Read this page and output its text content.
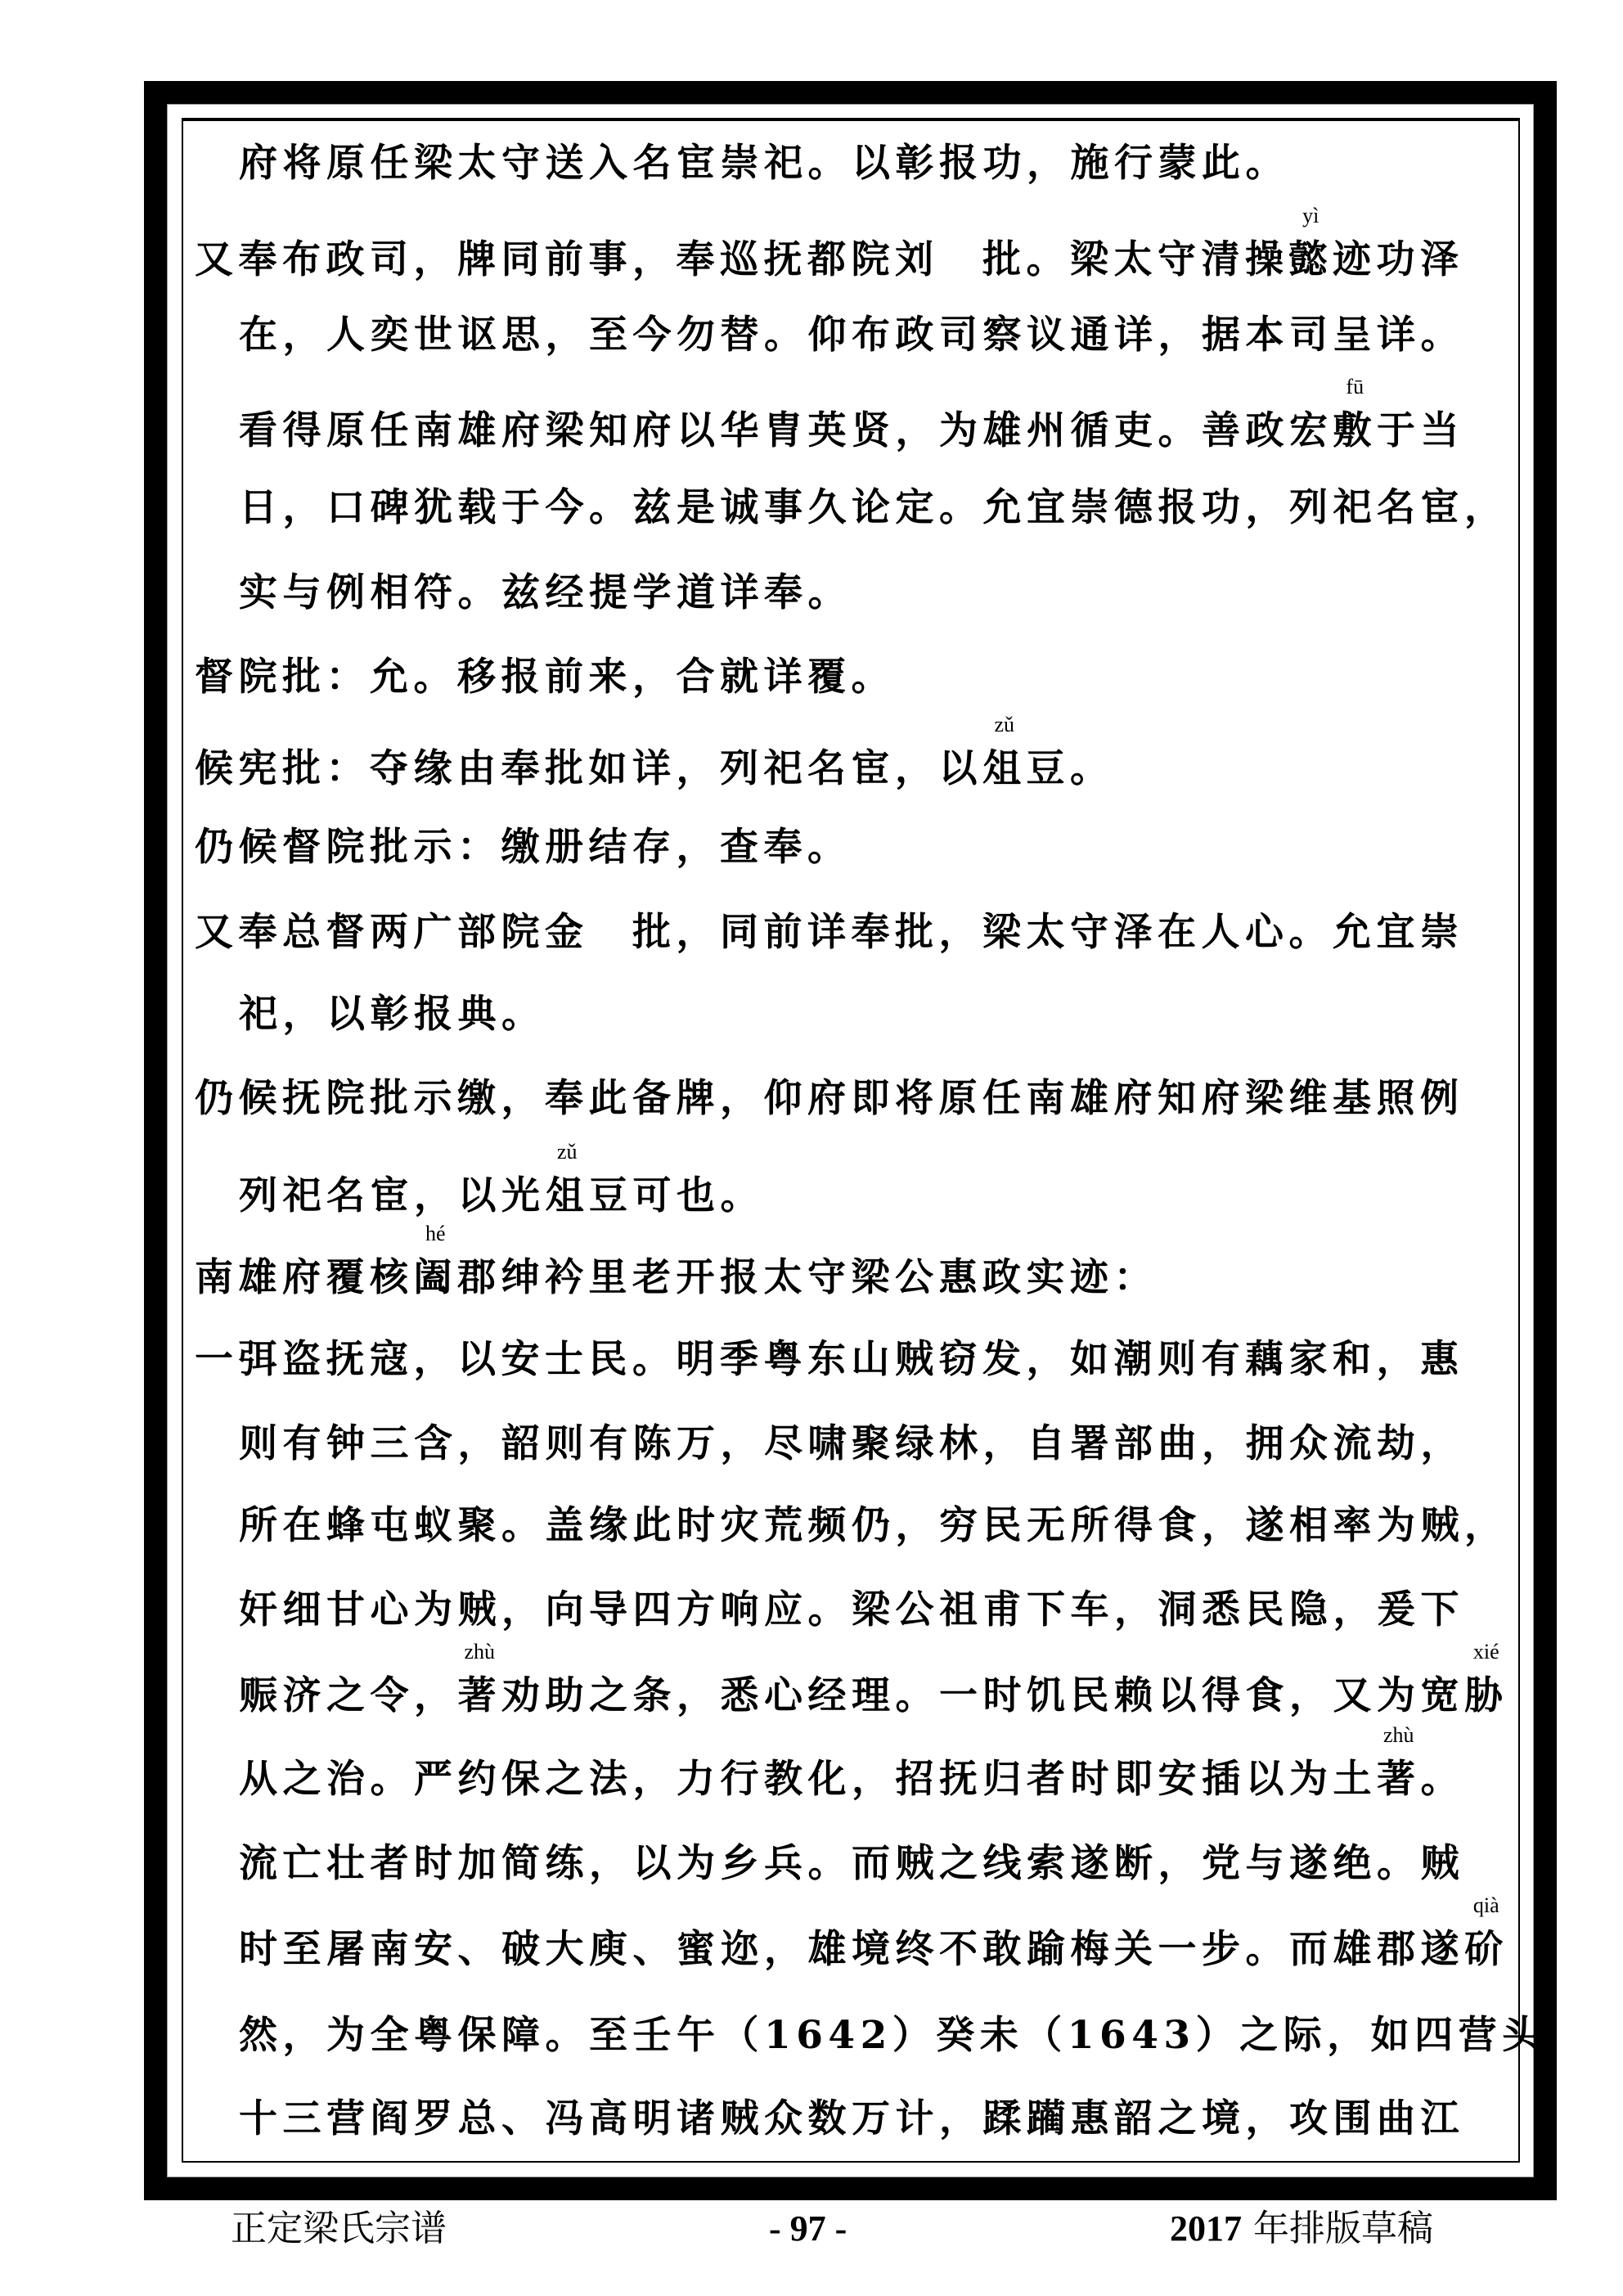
府将原任梁太守送入名宦崇祀。以彰报功，施行蒙此。
又奉布政司，牌同前事，奉巡抚都院刘　批。梁太守清操
yì
懿迹功泽
在，人奕世讴思，至今勿替。仰布政司察议通详，据本司呈详。
看得原任南雄府梁知府以华胄英贤，为雄州循吏。善政宏
fū
敷于当
日，口碑犹载于今。兹是诚事久论定。允宜崇德报功，列祀名宦，
实与例相符。兹经提学道详奉。
督院批：允。移报前来，合就详覆。
候宪批：夺缘由奉批如详，列祀名宦，以
zǔ
俎豆。
仍候督院批示：缴册结存，查奉。
又奉总督两广部院金　批，同前详奉批，梁太守泽在人心。允宜崇
祀，以彰报典。
仍候抚院批示缴，奉此备牌，仰府即将原任南雄府知府梁维基照例
列祀名宦，以光
zǔ
俎豆可也。
南雄府覆核
hé
阖郡绅衿里老开报太守梁公惠政实迹：
一弭盗抚寇，以安士民。明季粤东山贼窃发，如潮则有藕家和，惠
则有钟三含，韶则有陈万，尽啸聚绿林，自署部曲，拥众流劫，
所在蜂屯蚁聚。盖缘此时灾荒频仍，穷民无所得食，遂相率为贼，
奸细甘心为贼，向导四方响应。梁公祖甫下车，洞悉民隐，爰下
赈济之令，
zhù
著劝助之条，悉心经理。一时饥民赖以得食，又为宽
xié
胁
从之治。严约保之法，力行教化，招抚归者时即安插以为土
zhù
著。
流亡壮者时加简练，以为乡兵。而贼之线索遂断，党与遂绝。贼
时至屠南安、破大庾、蜜迩，雄境终不敢踰梅关一步。而雄郡遂
qià
砎
然，为全粤保障。至壬午（1642）癸未（1643）之际，如四营头
十三营阎罗总、冯高明诸贼众数万计，蹂躏惠韶之境，攻围曲江
正定梁氏宗谱	- 97 -	2017 年排版草稿
